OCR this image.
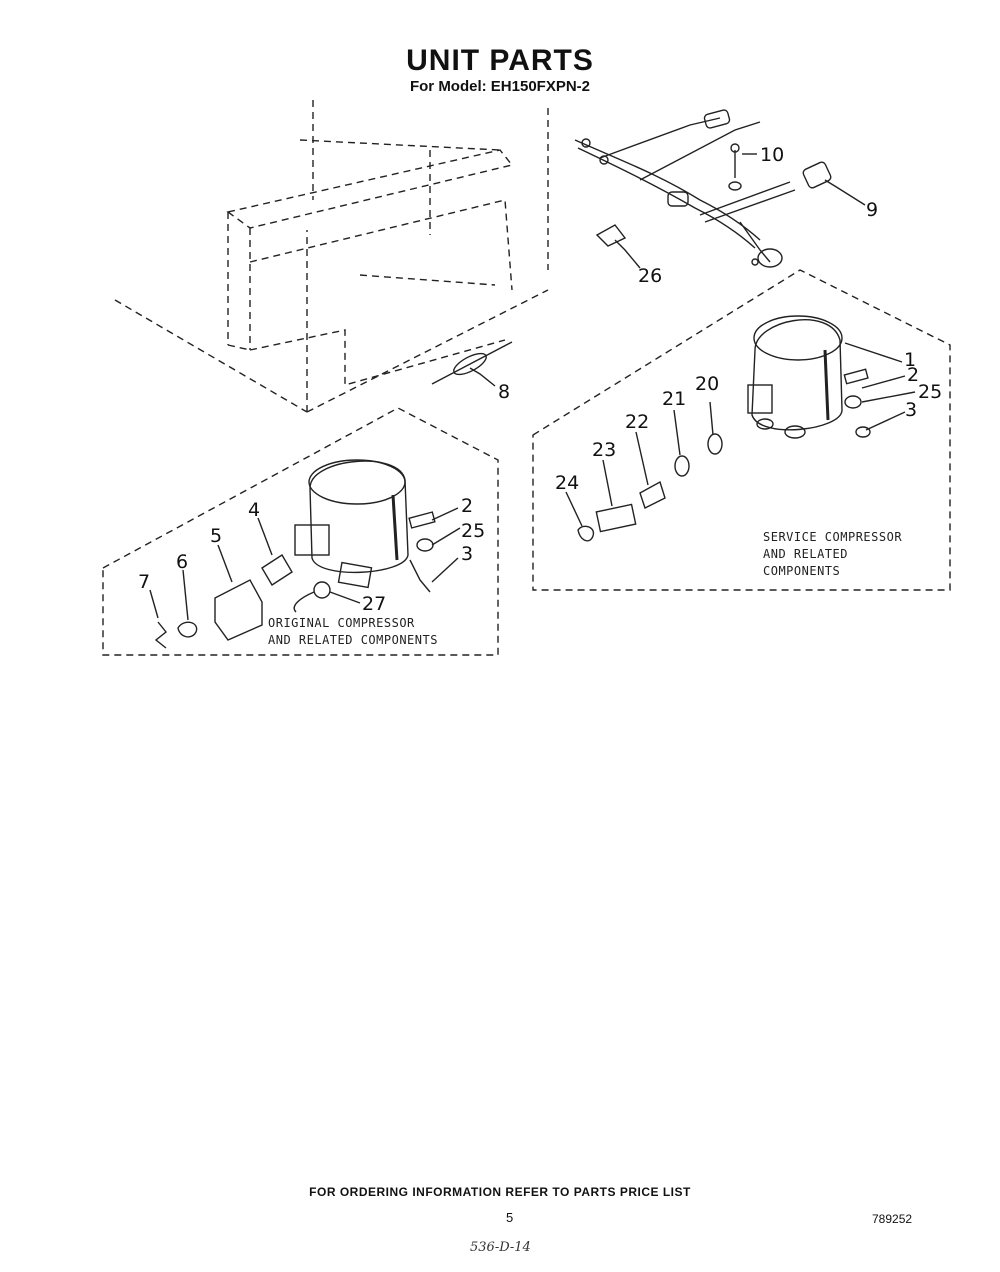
UNIT PARTS
For Model: EH150FXPN-2
10
9
26
8
1
2
25
3
20
21
22
23
24
4
5
6
7
2
25
3
27
ORIGINAL COMPRESSOR
AND RELATED COMPONENTS
SERVICE COMPRESSOR
AND RELATED
COMPONENTS
FOR ORDERING INFORMATION REFER TO PARTS PRICE LIST
5	789252
536-D-14
